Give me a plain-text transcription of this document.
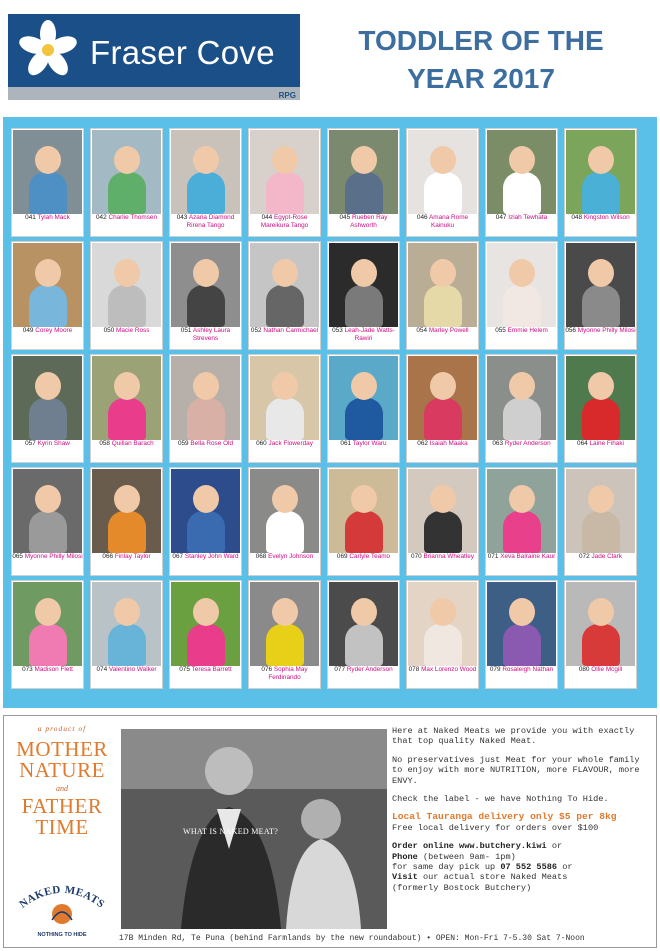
Fraser Cove
RPG
TODDLER OF THE
YEAR 2017
041 Tylah Mack	042 Charlie Thomsen	043 Azaria Diamond Rirena Tango
044 Egypt-Rose Mareikura Tango
045 Rueben Ray Ashworth
046 Amana Rome Kainuku
047 Iziah Tewhata	048 Kingston Wilson
049 Corey Moore	050 Macie Ross	051 Ashley Laura Strevens
052 Nathan Carmichael	053 Leah-Jade Watts-Rawiri
054 Marley Powell	055 Emmie Helem	056 Myonne Philly Milosi
057 Kyrin Shaw	058 Quillan Barach	059 Bella Rose Old	060 Jack Flowerday	061 Taylor Waru	062 Isaiah Maaka	063 Ryder Anderson	064 Laine Fihaki
065 Myonne Philly Milosi	066 Finlay Taylor	067 Stanley John Ward	068 Evelyn Johnson	069 Carlyle Teamo	070 Brianna Wheatley	071 Xeva Balraine Kaur	072 Jade Clark
073 Madison Flett	074 Valentino Walker	075 Teresa Barrett	076 Sophia May Ferdinando
077 Ryder Anderson	078 Max Lorenzo Wood	079 Rosaleigh Nathan	080 Ollie Mcgill
a product of
MOTHER
NATURE
and
FATHER
TIME
NAKED MEATS
NOTHING TO HIDE
WHAT IS NAKED MEAT?

Here at Naked Meats we provide you with exactly that top quality Naked Meat.

No preservatives just Meat for your whole family to enjoy with more NUTRITION, more FLAVOUR, more ENVY.

Check the label - we have Nothing To Hide.

Local Tauranga delivery only $5 per 8kg

Free local delivery for orders over $100

Order online www.butchery.kiwi or
Phone (between 9am- 1pm)
for same day pick up 07 552 5586 or
Visit our actual store Naked Meats
(formerly Bostock Butchery)
17B Minden Rd, Te Puna (behind Farmlands by the new roundabout) • OPEN: Mon-Fri 7-5.30 Sat 7-Noon
